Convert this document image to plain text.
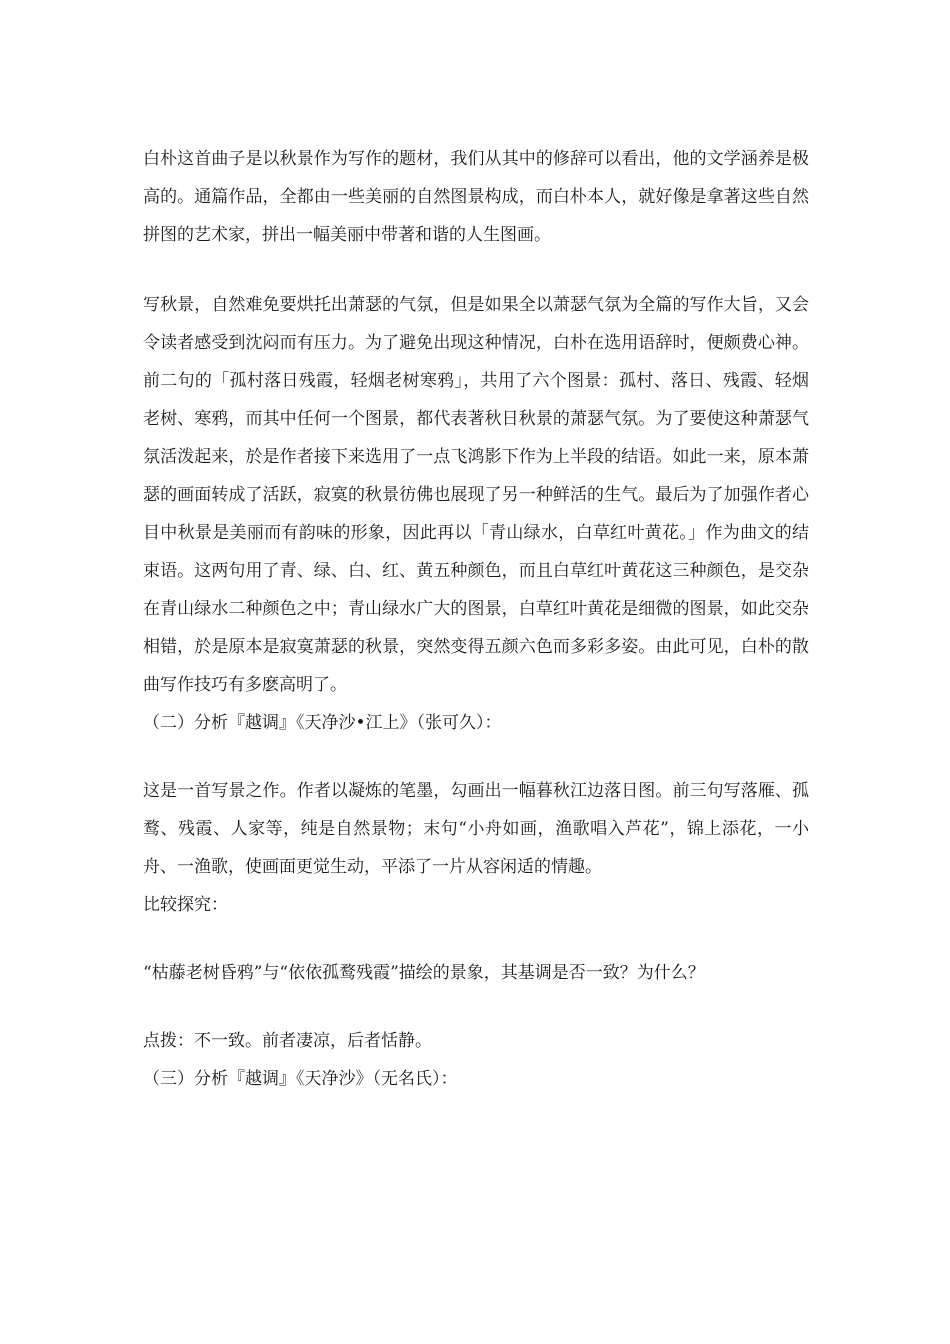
白朴这首曲子是以秋景作为写作的题材，我们从其中的修辞可以看出，他的文学涵养是极高的。通篇作品，全都由一些美丽的自然图景构成，而白朴本人，就好像是拿著这些自然拼图的艺术家，拼出一幅美丽中带著和谐的人生图画。

写秋景，自然难免要烘托出萧瑟的气氛，但是如果全以萧瑟气氛为全篇的写作大旨，又会令读者感受到沈闷而有压力。为了避免出现这种情况，白朴在选用语辞时，便颇费心神。前二句的「孤村落日残霞，轻烟老树寒鸦」，共用了六个图景：孤村、落日、残霞、轻烟老树、寒鸦，而其中任何一个图景，都代表著秋日秋景的萧瑟气氛。为了要使这种萧瑟气氛活泼起来，於是作者接下来选用了一点飞鸿影下作为上半段的结语。如此一来，原本萧瑟的画面转成了活跃，寂寞的秋景彷佛也展现了另一种鲜活的生气。最后为了加强作者心目中秋景是美丽而有韵味的形象，因此再以「青山绿水，白草红叶黄花。」作为曲文的结束语。这两句用了青、绿、白、红、黄五种颜色，而且白草红叶黄花这三种颜色，是交杂在青山绿水二种颜色之中；青山绿水广大的图景，白草红叶黄花是细微的图景，如此交杂相错，於是原本是寂寞萧瑟的秋景，突然变得五颜六色而多彩多姿。由此可见，白朴的散曲写作技巧有多麽高明了。

（二）分析『越调』《天净沙•江上》（张可久）：

这是一首写景之作。作者以凝炼的笔墨，勾画出一幅暮秋江边落日图。前三句写落雁、孤鹜、残霞、人家等，纯是自然景物；末句“小舟如画，渔歌唱入芦花”，锦上添花，一小舟、一渔歌，使画面更觉生动，平添了一片从容闲适的情趣。

比较探究：

“枯藤老树昏鸦”与“依依孤鹜残霞”描绘的景象，其基调是否一致？为什么？

点拨：不一致。前者凄凉，后者恬静。

（三）分析『越调』《天净沙》（无名氏）：
